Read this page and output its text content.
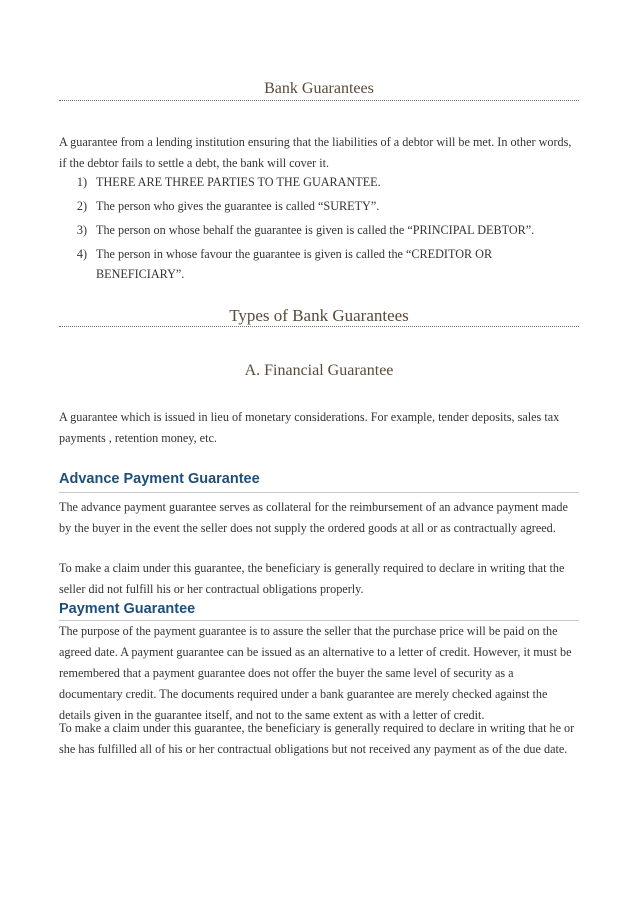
Bank Guarantees
A guarantee from a lending institution ensuring that the liabilities of a debtor will be met. In other words, if the debtor fails to settle a debt, the bank will cover it.
1) THERE ARE THREE PARTIES TO THE GUARANTEE.
2) The person who gives the guarantee is called “SURETY”.
3) The person on whose behalf the guarantee is given is called the “PRINCIPAL DEBTOR”.
4) The person in whose favour the guarantee is given is called the “CREDITOR OR BENEFICIARY”.
Types of Bank Guarantees
A. Financial Guarantee
A guarantee which is issued in lieu of monetary considerations. For example, tender deposits, sales tax payments , retention money, etc.
Advance Payment Guarantee
The advance payment guarantee serves as collateral for the reimbursement of an advance payment made by the buyer in the event the seller does not supply the ordered goods at all or as contractually agreed.
To make a claim under this guarantee, the beneficiary is generally required to declare in writing that the seller did not fulfill his or her contractual obligations properly.
Payment Guarantee
The purpose of the payment guarantee is to assure the seller that the purchase price will be paid on the agreed date. A payment guarantee can be issued as an alternative to a letter of credit. However, it must be remembered that a payment guarantee does not offer the buyer the same level of security as a documentary credit. The documents required under a bank guarantee are merely checked against the details given in the guarantee itself, and not to the same extent as with a letter of credit.
To make a claim under this guarantee, the beneficiary is generally required to declare in writing that he or she has fulfilled all of his or her contractual obligations but not received any payment as of the due date.
